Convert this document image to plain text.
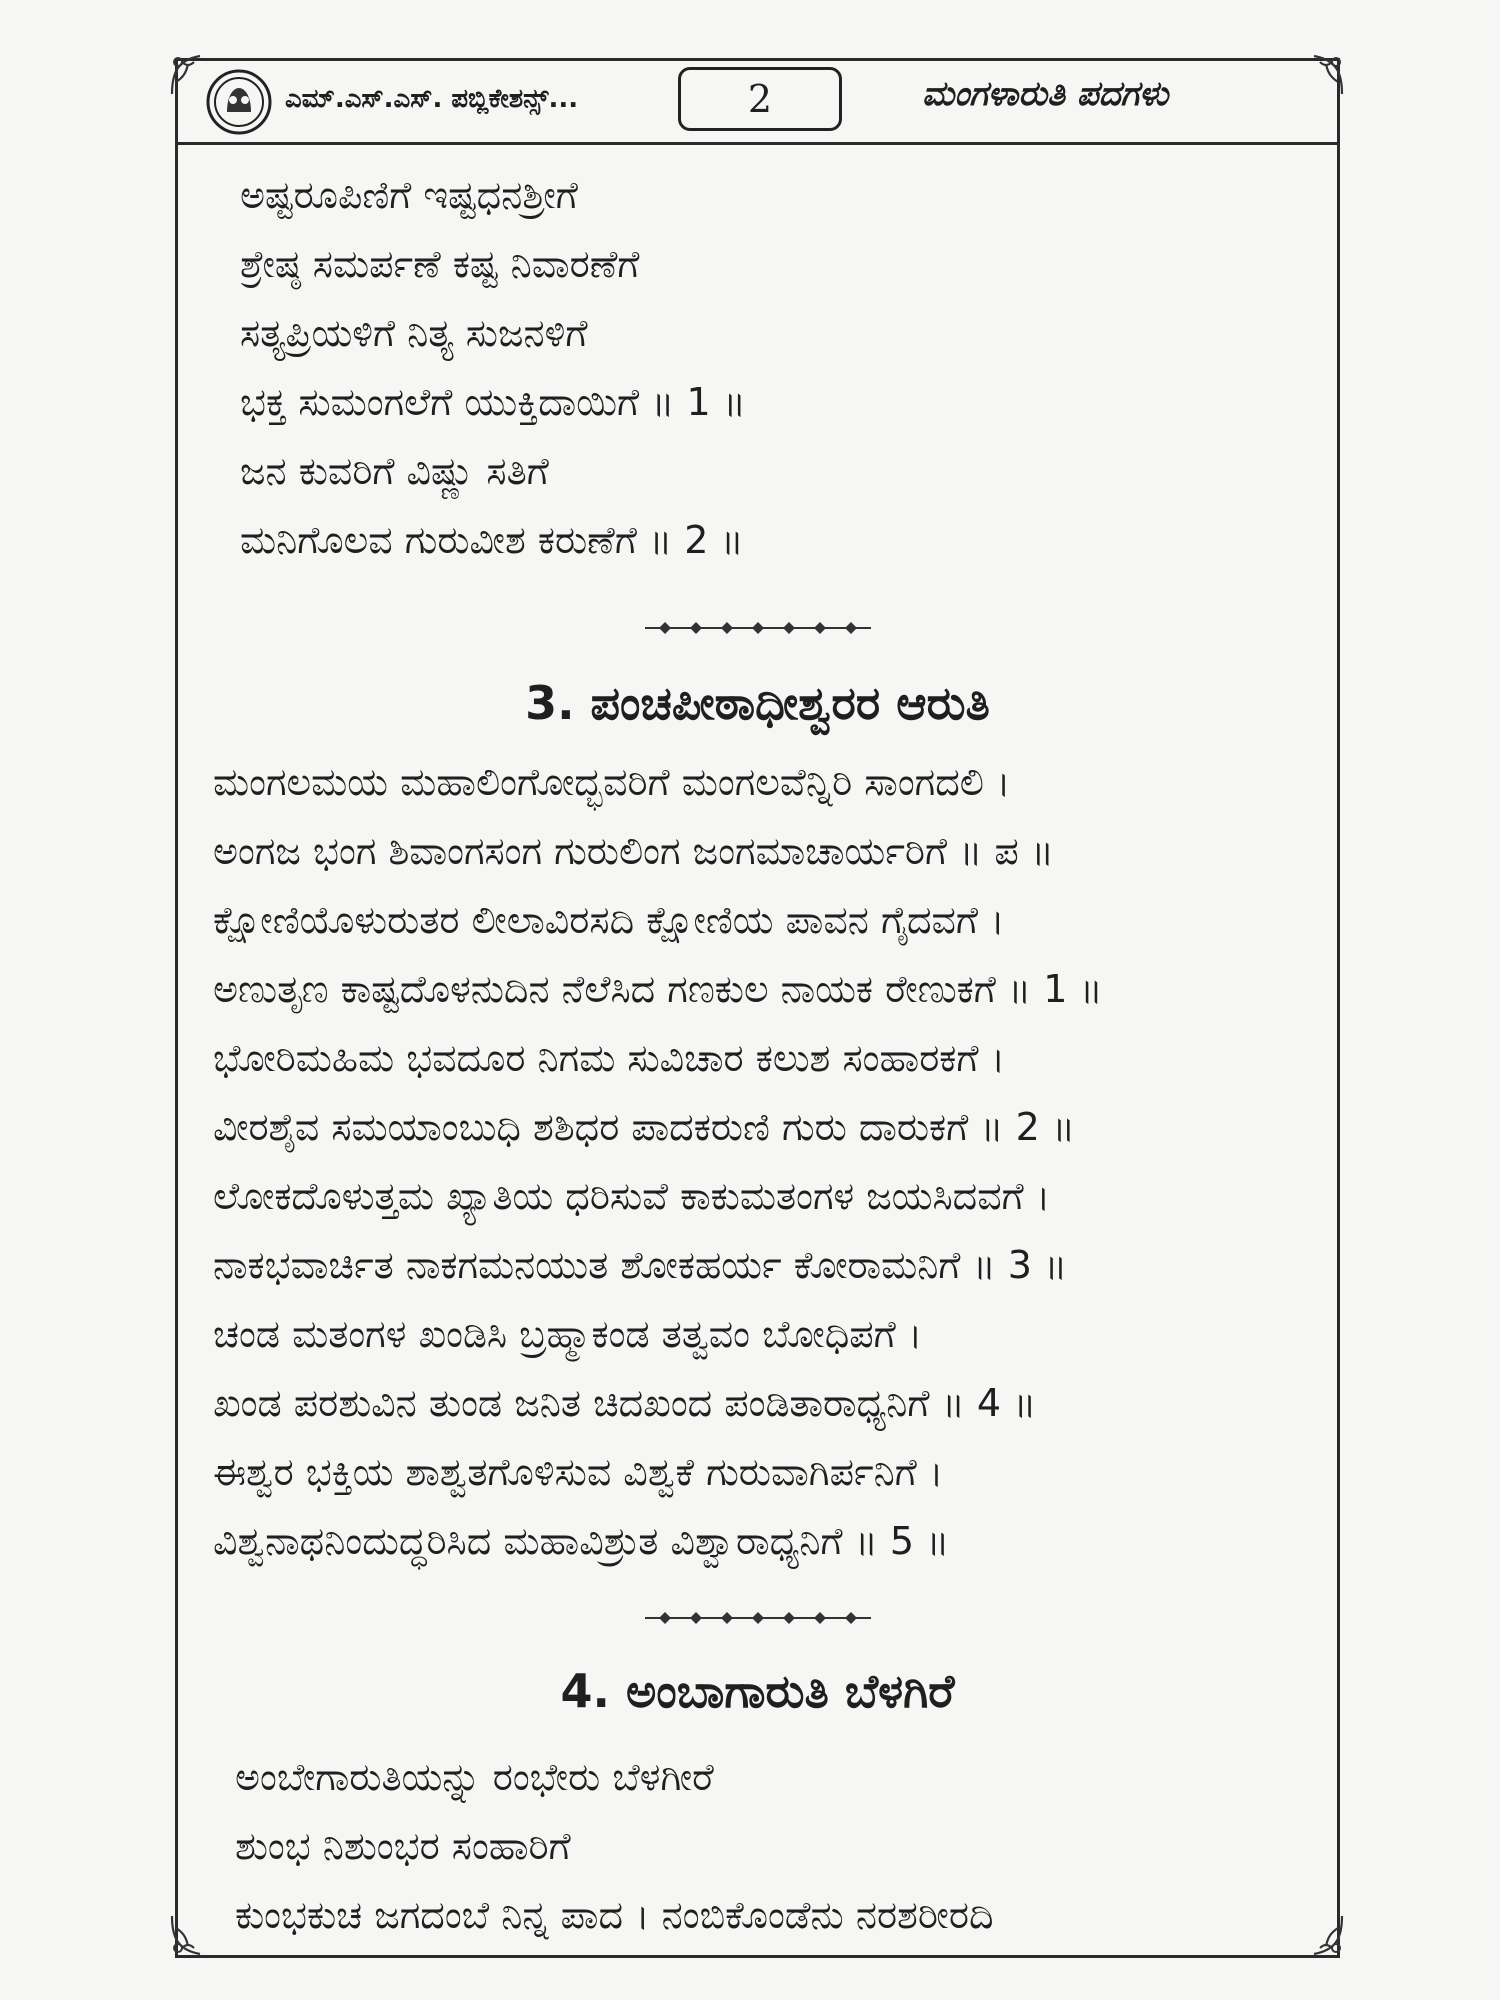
ಎಮ್.ಎಸ್.ಎಸ್. ಪಬ್ಲಿಕೇಶನ್ಸ್...	2	ಮಂಗಳಾರುತಿ ಪದಗಳು
ಅಷ್ಟರೂಪಿಣಿಗೆ ಇಷ್ಟಧನಶ್ರೀಗೆ
ಶ್ರೇಷ್ಠ ಸಮರ್ಪಣೆ ಕಷ್ಟ ನಿವಾರಣೆಗೆ
ಸತ್ಯಪ್ರಿಯಳಿಗೆ ನಿತ್ಯ ಸುಜನಳಿಗೆ
ಭಕ್ತ ಸುಮಂಗಲೆಗೆ ಯುಕ್ತಿದಾಯಿಗೆ ॥ 1 ॥
ಜನ ಕುವರಿಗೆ ವಿಷ್ಣು ಸತಿಗೆ
ಮನಿಗೊಲವ ಗುರುವೀಶ ಕರುಣೆಗೆ ॥ 2 ॥
3. ಪಂಚಪೀಠಾಧೀಶ್ವರರ ಆರುತಿ
ಮಂಗಲಮಯ ಮಹಾಲಿಂಗೋದ್ಭವರಿಗೆ ಮಂಗಲವೆನ್ನಿರಿ ಸಾಂಗದಲಿ ।
ಅಂಗಜ ಭಂಗ ಶಿವಾಂಗಸಂಗ ಗುರುಲಿಂಗ ಜಂಗಮಾಚಾರ್ಯರಿಗೆ ॥ ಪ ॥
ಕ್ಷೋಣಿಯೊಳುರುತರ ಲೀಲಾವಿರಸದಿ ಕ್ಷೋಣಿಯ ಪಾವನ ಗೈದವಗೆ ।
ಅಣುತೃಣ ಕಾಷ್ಟದೊಳನುದಿನ ನೆಲೆಸಿದ ಗಣಕುಲ ನಾಯಕ ರೇಣುಕಗೆ ॥ 1 ॥
ಭೋರಿಮಹಿಮ ಭವದೂರ ನಿಗಮ ಸುವಿಚಾರ ಕಲುಶ ಸಂಹಾರಕಗೆ ।
ವೀರಶೈವ ಸಮಯಾಂಬುಧಿ ಶಶಿಧರ ಪಾದಕರುಣಿ ಗುರು ದಾರುಕಗೆ ॥ 2 ॥
ಲೋಕದೊಳುತ್ತಮ ಖ್ಯಾತಿಯ ಧರಿಸುವೆ ಕಾಕುಮತಂಗಳ ಜಯಸಿದವಗೆ ।
ನಾಕಭವಾರ್ಚಿತ ನಾಕಗಮನಯುತ ಶೋಕಹರ್ಯ ಕೋರಾಮನಿಗೆ ॥ 3 ॥
ಚಂಡ ಮತಂಗಳ ಖಂಡಿಸಿ ಬ್ರಹ್ಮಾಕಂಡ ತತ್ವವಂ ಬೋಧಿಪಗೆ ।
ಖಂಡ ಪರಶುವಿನ ತುಂಡ ಜನಿತ ಚಿದಖಂದ ಪಂಡಿತಾರಾಧ್ಯನಿಗೆ ॥ 4 ॥
ಈಶ್ವರ ಭಕ್ತಿಯ ಶಾಶ್ವತಗೊಳಿಸುವ ವಿಶ್ವಕೆ ಗುರುವಾಗಿರ್ಪನಿಗೆ ।
ವಿಶ್ವನಾಥನಿಂದುದ್ಧರಿಸಿದ ಮಹಾವಿಶ್ರುತ ವಿಶ್ವಾರಾಧ್ಯನಿಗೆ ॥ 5 ॥
4. ಅಂಬಾಗಾರುತಿ ಬೆಳಗಿರೆ
ಅಂಬೇಗಾರುತಿಯನ್ನು ರಂಭೇರು ಬೆಳಗೀರೆ
ಶುಂಭ ನಿಶುಂಭರ ಸಂಹಾರಿಗೆ
ಕುಂಭಕುಚ ಜಗದಂಬೆ ನಿನ್ನ ಪಾದ । ನಂಬಿಕೊಂಡೆನು ನರಶರೀರದಿ
